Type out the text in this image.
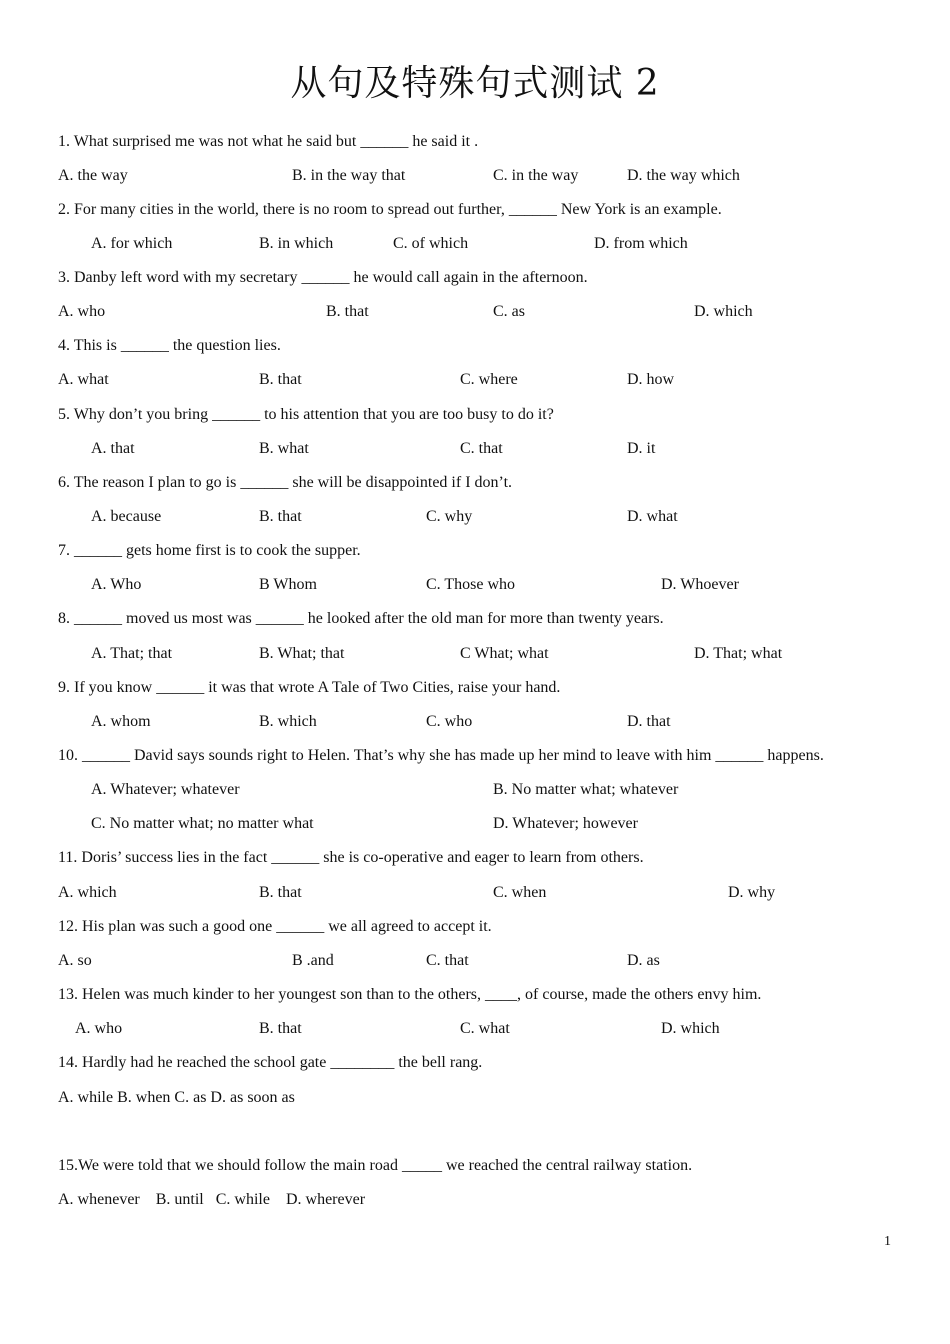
从句及特殊句式测试 2
1. What surprised me was not what he said but ______ he said it .
A. the way	B. in the way that	C. in the way	D. the way which
2. For many cities in the world, there is no room to spread out further, ______ New York is an example.
A. for which	B. in which	C. of which	D. from which
3. Danby left word with my secretary ______ he would call again in the afternoon.
A. who	B. that	C. as	D. which
4. This is ______ the question lies.
A. what	B. that	C. where	D. how
5. Why don’t you bring ______ to his attention that you are too busy to do it?
A. that	B. what	C. that	D. it
6. The reason I plan to go is ______ she will be disappointed if I don’t.
A. because	B. that	C. why	D. what
7. ______ gets home first is to cook the supper.
A. Who	B Whom	C. Those who	D. Whoever
8. ______ moved us most was ______ he looked after the old man for more than twenty years.
A. That; that	B. What; that	C What; what	D. That; what
9. If you know ______ it was that wrote A Tale of Two Cities, raise your hand.
A. whom	B. which	C. who	D. that
10. ______ David says sounds right to Helen. That’s why she has made up her mind to leave with him ______ happens.
A. Whatever; whatever	B. No matter what; whatever
C. No matter what; no matter what	D. Whatever; however
11. Doris’ success lies in the fact ______ she is co-operative and eager to learn from others.
A. which	B. that	C. when	D. why
12. His plan was such a good one ______ we all agreed to accept it.
A. so	B .and	C. that	D. as
13. Helen was much kinder to her youngest son than to the others, ____, of course, made the others envy him.
A. who	B. that	C. what	D. which
14. Hardly had he reached the school gate ________ the bell rang.
A. while B. when C. as D. as soon as
15.We were told that we should follow the main road _____ we reached the central railway station.
A. whenever    B. until   C. while    D. wherever
1
